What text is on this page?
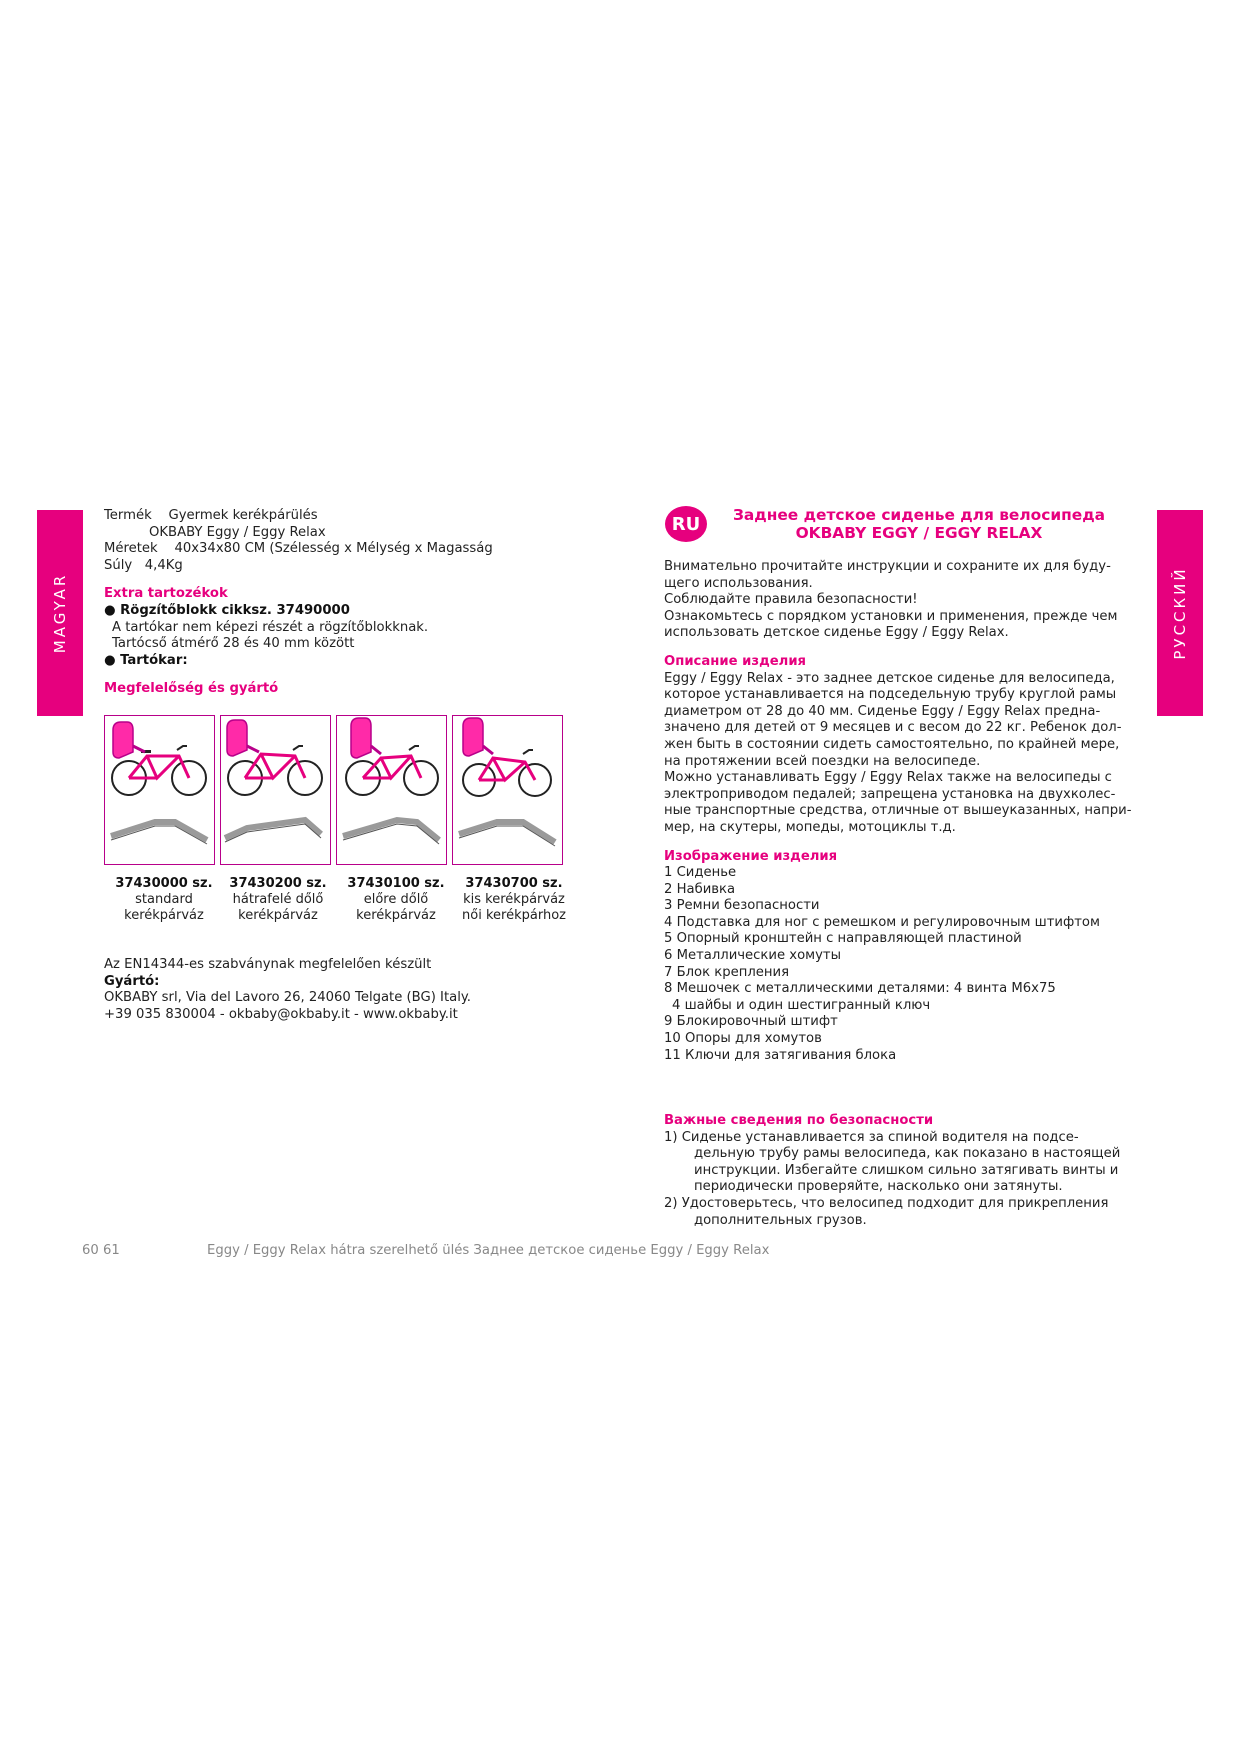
MAGYAR	РУССКИЙ
Termék Gyermek kerékpárülés
OKBABY Eggy / Eggy Relax
Méretek 40x34x80 CM (Szélesség x Mélység x Magasság
Súly 4,4Kg
Extra tartozékok
● Rögzítőblokk cikksz. 37490000
A tartókar nem képezi részét a rögzítőblokknak.
Tartócső átmérő 28 és 40 mm között
● Tartókar:
Megfelelőség és gyártó
37430000 sz.
standard
kerékpárváz
37430200 sz.
hátrafelé dőlő
kerékpárváz
37430100 sz.
előre dőlő
kerékpárváz
37430700 sz.
kis kerékpárváz
női kerékpárhoz
Az EN14344-es szabványnak megfelelően készült
Gyártó:
OKBABY srl, Via del Lavoro 26, 24060 Telgate (BG) Italy.
+39 035 830004 - okbaby@okbaby.it - www.okbaby.it
RU	Заднее детское сиденье для велосипеда
OKBABY EGGY / EGGY RELAX
Внимательно прочитайте инструкции и сохраните их для буду-
щего использования.
Соблюдайте правила безопасности!
Ознакомьтесь с порядком установки и применения, прежде чем
использовать детское сиденье Eggy / Eggy Relax.
Описание изделия
Eggy / Eggy Relax - это заднее детское сиденье для велосипеда,
которое устанавливается на подседельную трубу круглой рамы
диаметром от 28 до 40 мм. Сиденье Eggy / Eggy Relax предна-
значено для детей от 9 месяцев и с весом до 22 кг. Ребенок дол-
жен быть в состоянии сидеть самостоятельно, по крайней мере,
на протяжении всей поездки на велосипеде.
Можно устанавливать Eggy / Eggy Relax также на велосипеды с
электроприводом педалей; запрещена установка на двухколес-
ные транспортные средства, отличные от вышеуказанных, напри-
мер, на скутеры, мопеды, мотоциклы т.д.
Изображение изделия
1 Сиденье
2 Набивка
3 Ремни безопасности
4 Подставка для ног с ремешком и регулировочным штифтом
5 Опорный кронштейн с направляющей пластиной
6 Металлические хомуты
7 Блок крепления
8 Мешочек с металлическими деталями: 4 винта M6x75
4 шайбы и один шестигранный ключ
9 Блокировочный штифт
10 Опоры для хомутов
11 Ключи для затягивания блока
Важные сведения по безопасности
1) Сиденье устанавливается за спиной водителя на подсе-
дельную трубу рамы велосипеда, как показано в настоящей
инструкции. Избегайте слишком сильно затягивать винты и
периодически проверяйте, насколько они затянуты.
2) Удостоверьтесь, что велосипед подходит для прикрепления
дополнительных грузов.
60 61	Eggy / Eggy Relax hátra szerelhető ülés Заднее детское сиденье Eggy / Eggy Relax
